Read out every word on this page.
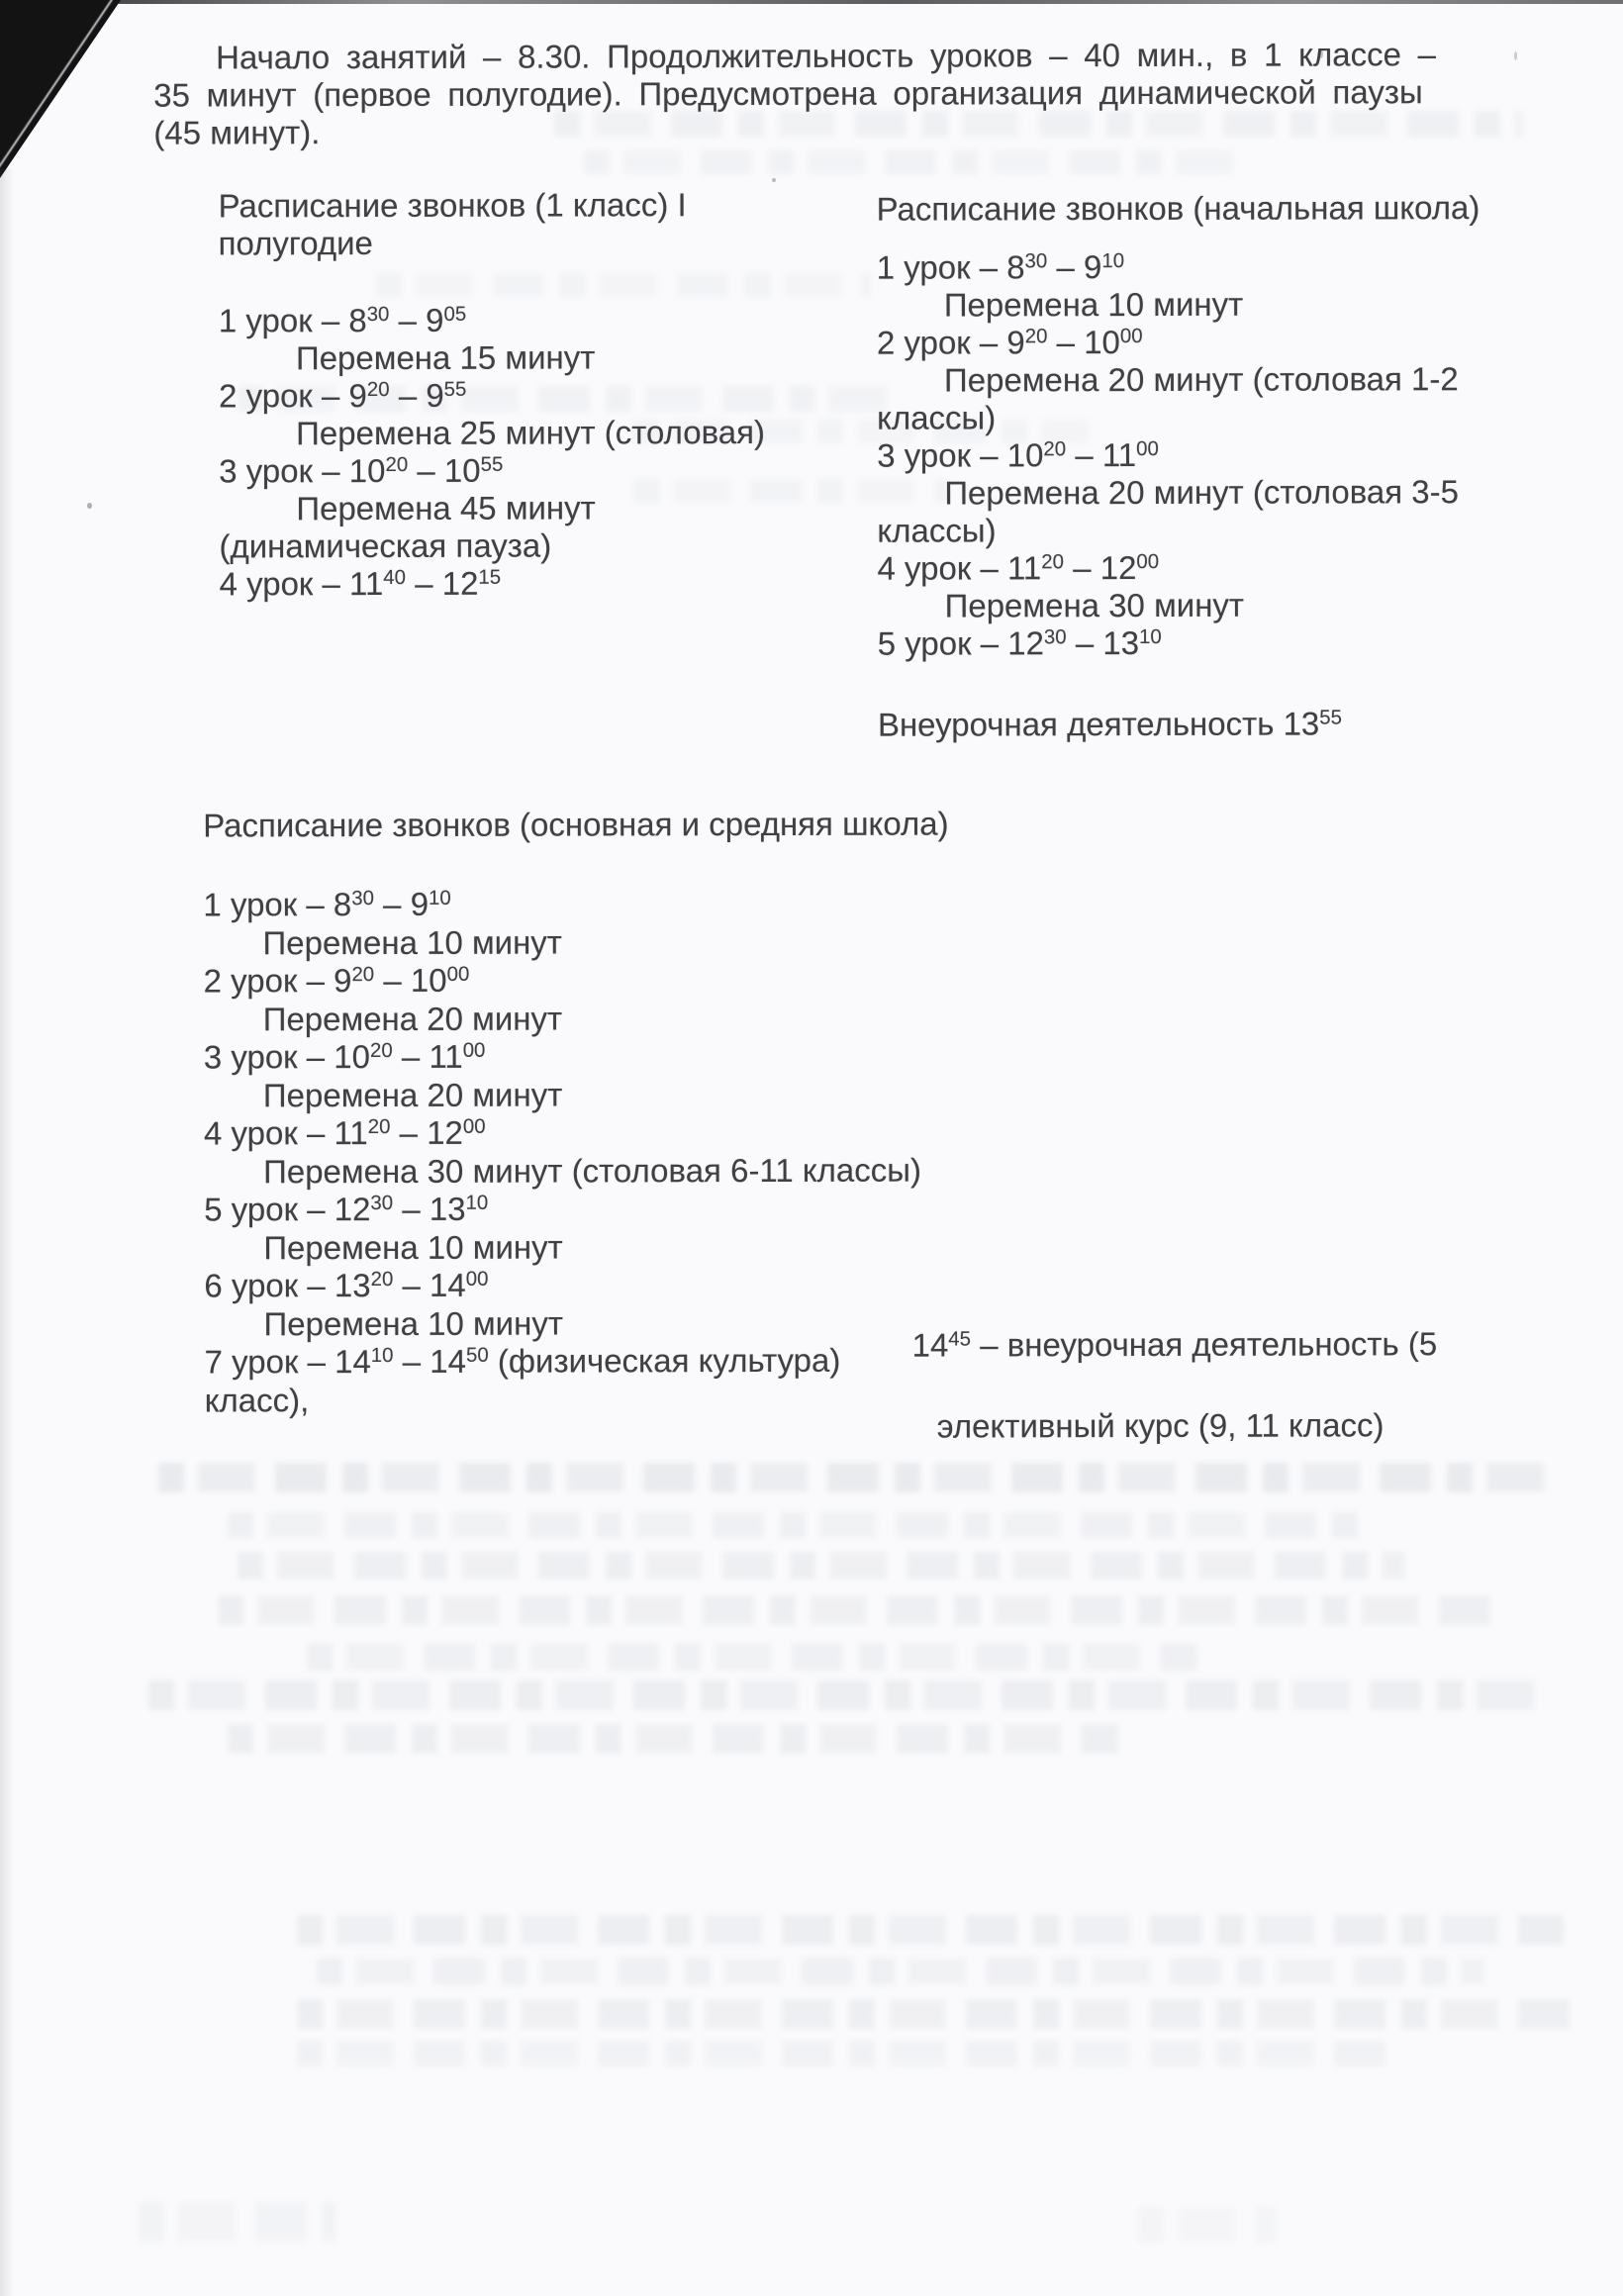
Начало занятий – 8.30. Продолжительность уроков – 40 мин., в 1 классе –
35 минут (первое полугодие). Предусмотрена организация динамической паузы
(45 минут).
Расписание звонков (1 класс) I
полугодие
1 урок – $8^{30} - 9^{05}$
Перемена 15 минут
2 урок – $9^{20} - 9^{55}$
Перемена 25 минут (столовая)
3 урок – $10^{20} - 10^{55}$
Перемена 45 минут
(динамическая пауза)
4 урок – $11^{40} - 12^{15}$
Расписание звонков (начальная школа)
1 урок – $8^{30} - 9^{10}$
Перемена 10 минут
2 урок – $9^{20} - 10^{00}$
Перемена 20 минут (столовая 1-2
классы)
3 урок – $10^{20} - 11^{00}$
Перемена 20 минут (столовая 3-5
классы)
4 урок – $11^{20} - 12^{00}$
Перемена 30 минут
5 урок – $12^{30} - 13^{10}$
Внеурочная деятельность $13^{55}$
Расписание звонков (основная и средняя школа)
1 урок – $8^{30} - 9^{10}$
Перемена 10 минут
2 урок – $9^{20} - 10^{00}$
Перемена 20 минут
3 урок – $10^{20} - 11^{00}$
Перемена 20 минут
4 урок – $11^{20} - 12^{00}$
Перемена 30 минут (столовая 6-11 классы)
5 урок – $12^{30} - 13^{10}$
Перемена 10 минут
6 урок – $13^{20} - 14^{00}$
Перемена 10 минут
7 урок – $14^{10} - 14^{50}$ (физическая культура)
класс),
$14^{45}$ – внеурочная деятельность (5
элективный курс (9, 11 класс)
